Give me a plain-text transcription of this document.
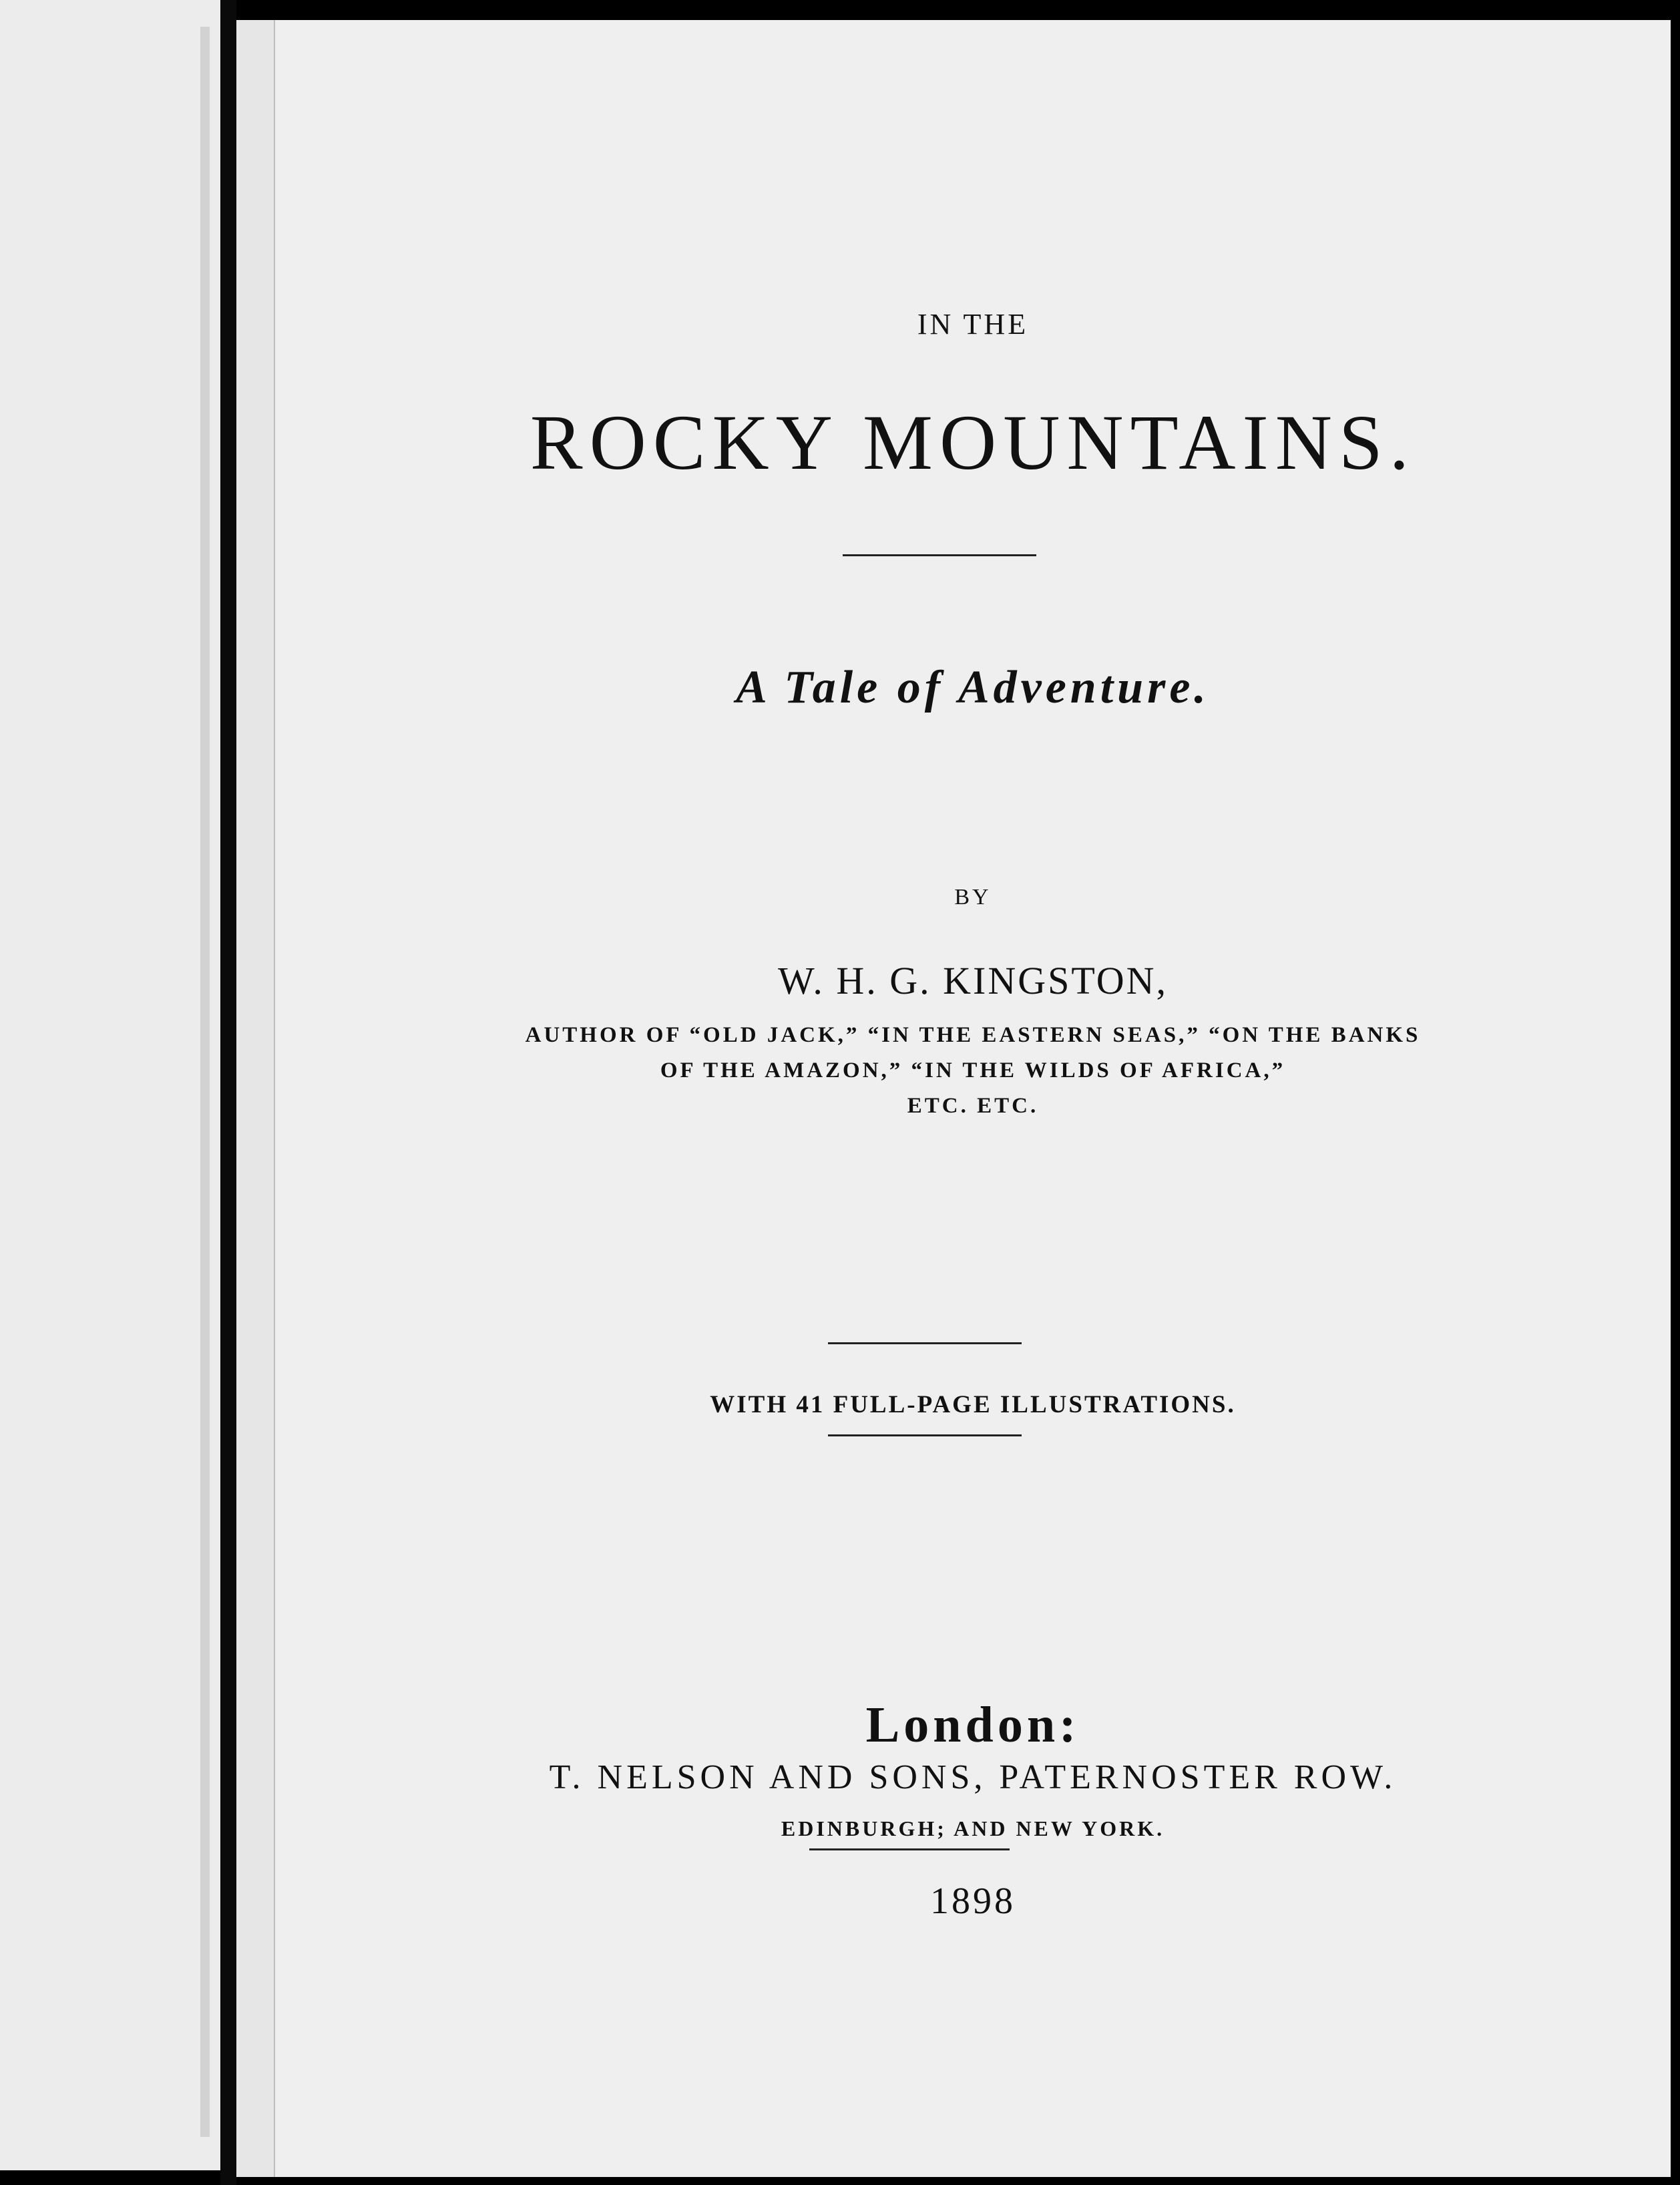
IN THE
ROCKY MOUNTAINS.
A Tale of Adventure.
BY
W. H. G. KINGSTON,
AUTHOR OF “OLD JACK,” “IN THE EASTERN SEAS,” “ON THE BANKS
OF THE AMAZON,” “IN THE WILDS OF AFRICA,”
ETC. ETC.
WITH 41 FULL-PAGE ILLUSTRATIONS.
London:
T. NELSON AND SONS, PATERNOSTER ROW.
EDINBURGH; AND NEW YORK.
1898
